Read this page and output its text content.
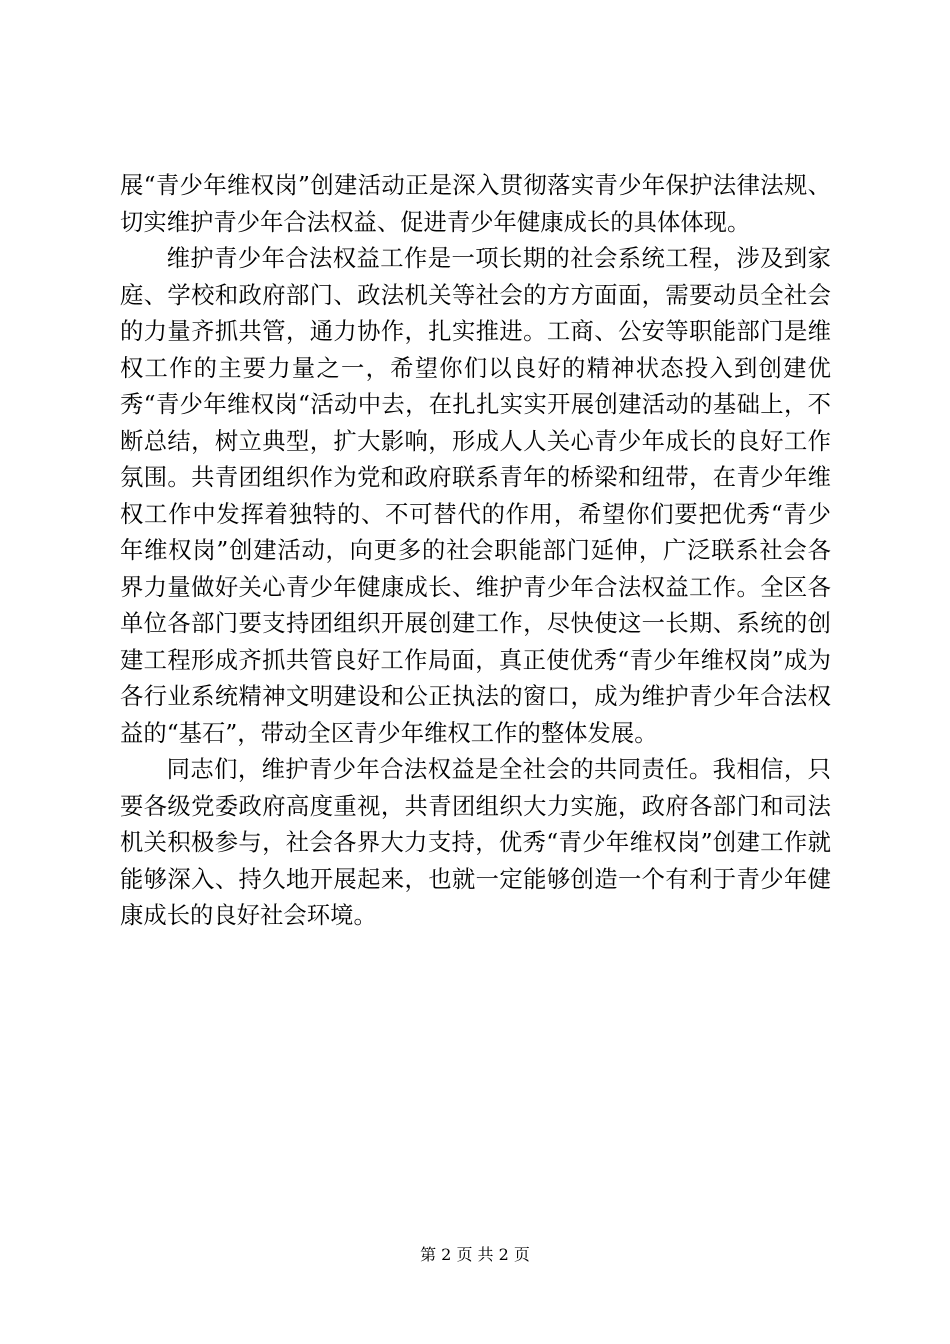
展“青少年维权岗”创建活动正是深入贯彻落实青少年保护法律法规、切实维护青少年合法权益、促进青少年健康成长的具体体现。

维护青少年合法权益工作是一项长期的社会系统工程，涉及到家庭、学校和政府部门、政法机关等社会的方方面面，需要动员全社会的力量齐抓共管，通力协作，扎实推进。工商、公安等职能部门是维权工作的主要力量之一，希望你们以良好的精神状态投入到创建优秀“青少年维权岗“活动中去，在扎扎实实开展创建活动的基础上，不断总结，树立典型，扩大影响，形成人人关心青少年成长的良好工作氛围。共青团组织作为党和政府联系青年的桥梁和纽带，在青少年维权工作中发挥着独特的、不可替代的作用，希望你们要把优秀“青少年维权岗”创建活动，向更多的社会职能部门延伸，广泛联系社会各界力量做好关心青少年健康成长、维护青少年合法权益工作。全区各单位各部门要支持团组织开展创建工作，尽快使这一长期、系统的创建工程形成齐抓共管良好工作局面，真正使优秀“青少年维权岗”成为各行业系统精神文明建设和公正执法的窗口，成为维护青少年合法权益的“基石”，带动全区青少年维权工作的整体发展。

同志们，维护青少年合法权益是全社会的共同责任。我相信，只要各级党委政府高度重视，共青团组织大力实施，政府各部门和司法机关积极参与，社会各界大力支持，优秀“青少年维权岗”创建工作就能够深入、持久地开展起来，也就一定能够创造一个有利于青少年健康成长的良好社会环境。

第 2 页 共 2 页
